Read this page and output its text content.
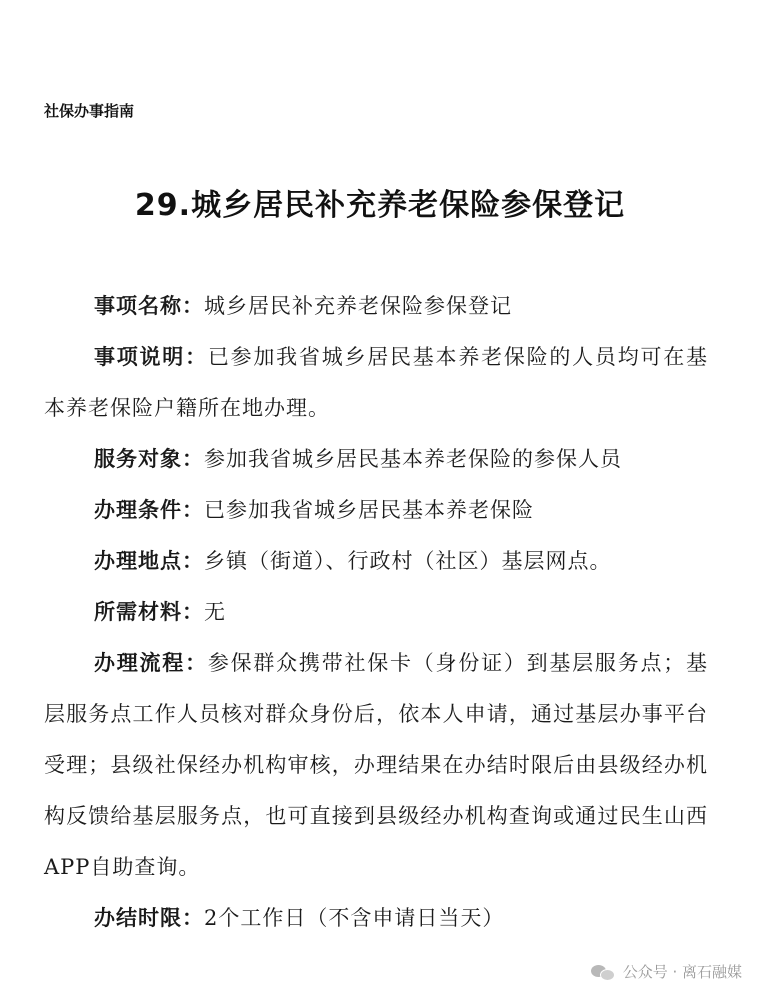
社保办事指南
29.城乡居民补充养老保险参保登记

事项名称：城乡居民补充养老保险参保登记

事项说明：已参加我省城乡居民基本养老保险的人员均可在基本养老保险户籍所在地办理。

服务对象：参加我省城乡居民基本养老保险的参保人员

办理条件：已参加我省城乡居民基本养老保险

办理地点：乡镇（街道）、行政村（社区）基层网点。

所需材料：无

办理流程：参保群众携带社保卡（身份证）到基层服务点；基层服务点工作人员核对群众身份后，依本人申请，通过基层办事平台受理；县级社保经办机构审核，办理结果在办结时限后由县级经办机构反馈给基层服务点，也可直接到县级经办机构查询或通过民生山西APP自助查询。

办结时限：2个工作日（不含申请日当天）

公众号 · 离石融媒
